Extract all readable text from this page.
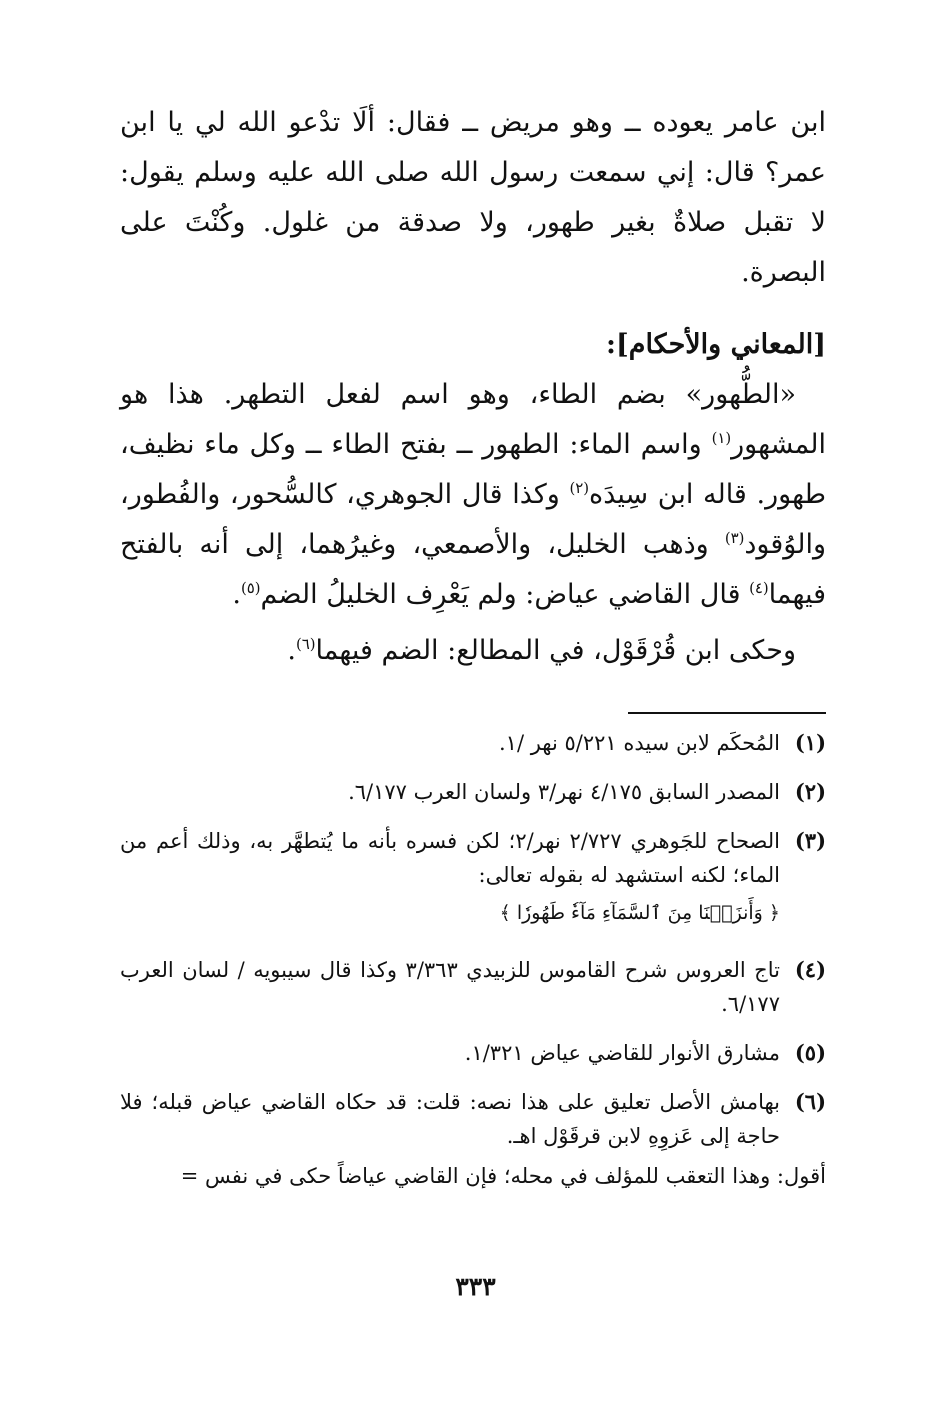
ابن عامر يعوده ــ وهو مريض ــ فقال: ألَا تدْعو الله لي يا ابن عمر؟ قال: إني سمعت رسول الله صلى الله عليه وسلم يقول: لا تقبل صلاةٌ بغير طهور، ولا صدقة من غلول. وكُنْتَ على البصرة.

[المعاني والأحكام]:

«الطُّهور» بضم الطاء، وهو اسم لفعل التطهر. هذا هو المشهور$^{(١)}$ واسم الماء: الطهور ــ بفتح الطاء ــ وكل ماء نظيف، طهور. قاله ابن سِيدَه$^{(٢)}$ وكذا قال الجوهري، كالسُّحور، والفُطور، والوُقود$^{(٣)}$ وذهب الخليل، والأصمعي، وغيرُهما، إلى أنه بالفتح فيهما$^{(٤)}$ قال القاضي عياض: ولم يَعْرِف الخليلُ الضم$^{(٥)}$.

وحكى ابن قُرْقَوْل، في المطالع: الضم فيهما$^{(٦)}$.

(١)
المُحكَم لابن سيده ٥/٢٢١ نهر /١.
(٢)
المصدر السابق ٤/١٧٥ نهر/٣ ولسان العرب ٦/١٧٧.
(٣)
الصحاح للجَوهري ٢/٧٢٧ نهر/٢؛ لكن فسره بأنه ما يُتطهَّر به، وذلك أعم من الماء؛ لكنه استشهد له بقوله تعالى:
﴿ وَأَنزَلۡنَا مِنَ ٱلسَّمَآءِ مَآءٗ طَهُورٗا ﴾
(٤)
تاج العروس شرح القاموس للزبيدي ٣/٣٦٣ وكذا قال سيبويه / لسان العرب ٦/١٧٧.
(٥)
مشارق الأنوار للقاضي عياض ١/٣٢١.
(٦)
بهامش الأصل تعليق على هذا نصه: قلت: قد حكاه القاضي عياض قبله؛ فلا حاجة إلى عَزوِهِ لابن قرقَوْل اهـ.
أقول: وهذا التعقب للمؤلف في محله؛ فإن القاضي عياضاً حكى في نفس =
٣٣٣
